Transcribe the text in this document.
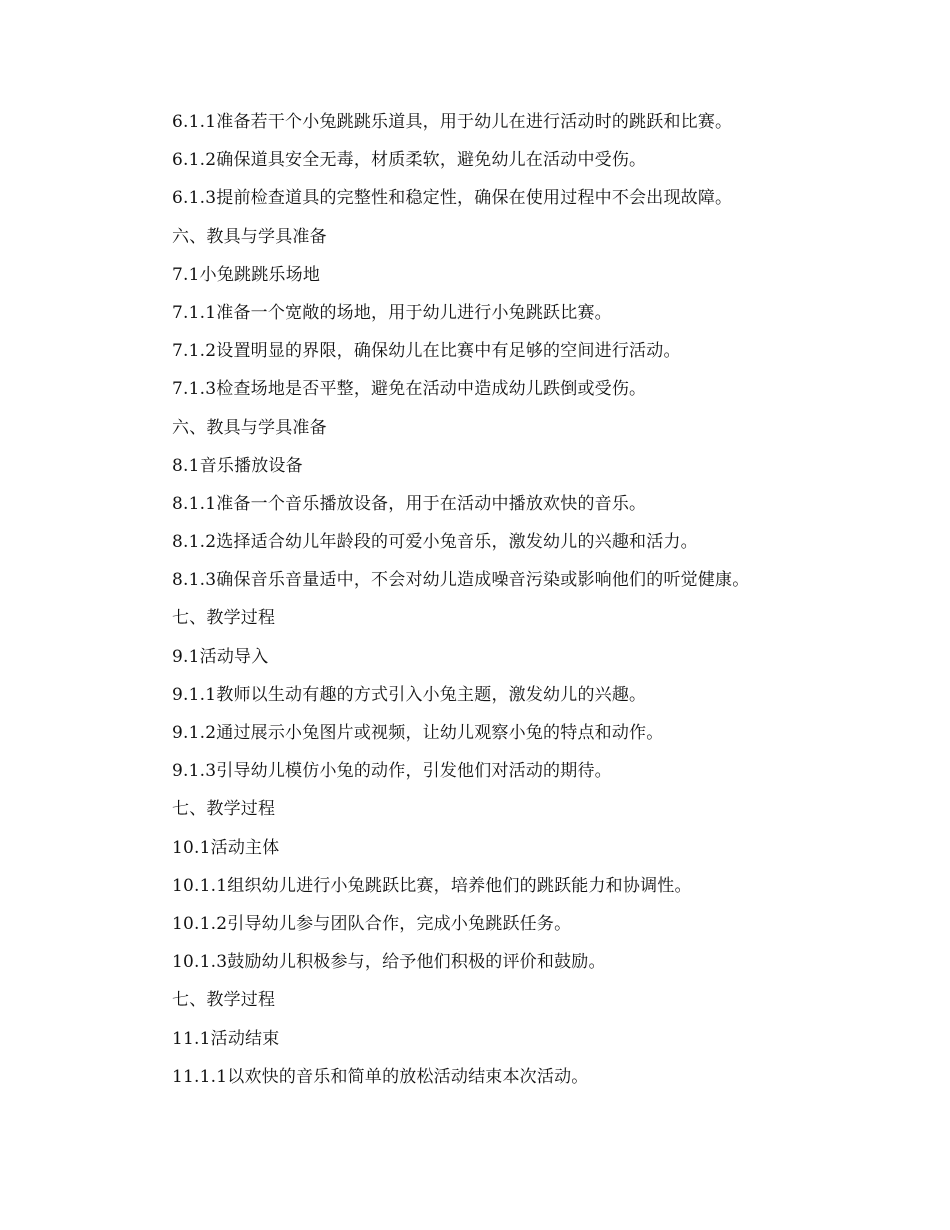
6.1.1准备若干个小兔跳跳乐道具，用于幼儿在进行活动时的跳跃和比赛。
6.1.2确保道具安全无毒，材质柔软，避免幼儿在活动中受伤。
6.1.3提前检查道具的完整性和稳定性，确保在使用过程中不会出现故障。
六、教具与学具准备
7.1小兔跳跳乐场地
7.1.1准备一个宽敞的场地，用于幼儿进行小兔跳跃比赛。
7.1.2设置明显的界限，确保幼儿在比赛中有足够的空间进行活动。
7.1.3检查场地是否平整，避免在活动中造成幼儿跌倒或受伤。
六、教具与学具准备
8.1音乐播放设备
8.1.1准备一个音乐播放设备，用于在活动中播放欢快的音乐。
8.1.2选择适合幼儿年龄段的可爱小兔音乐，激发幼儿的兴趣和活力。
8.1.3确保音乐音量适中，不会对幼儿造成噪音污染或影响他们的听觉健康。
七、教学过程
9.1活动导入
9.1.1教师以生动有趣的方式引入小兔主题，激发幼儿的兴趣。
9.1.2通过展示小兔图片或视频，让幼儿观察小兔的特点和动作。
9.1.3引导幼儿模仿小兔的动作，引发他们对活动的期待。
七、教学过程
10.1活动主体
10.1.1组织幼儿进行小兔跳跃比赛，培养他们的跳跃能力和协调性。
10.1.2引导幼儿参与团队合作，完成小兔跳跃任务。
10.1.3鼓励幼儿积极参与，给予他们积极的评价和鼓励。
七、教学过程
11.1活动结束
11.1.1以欢快的音乐和简单的放松活动结束本次活动。
